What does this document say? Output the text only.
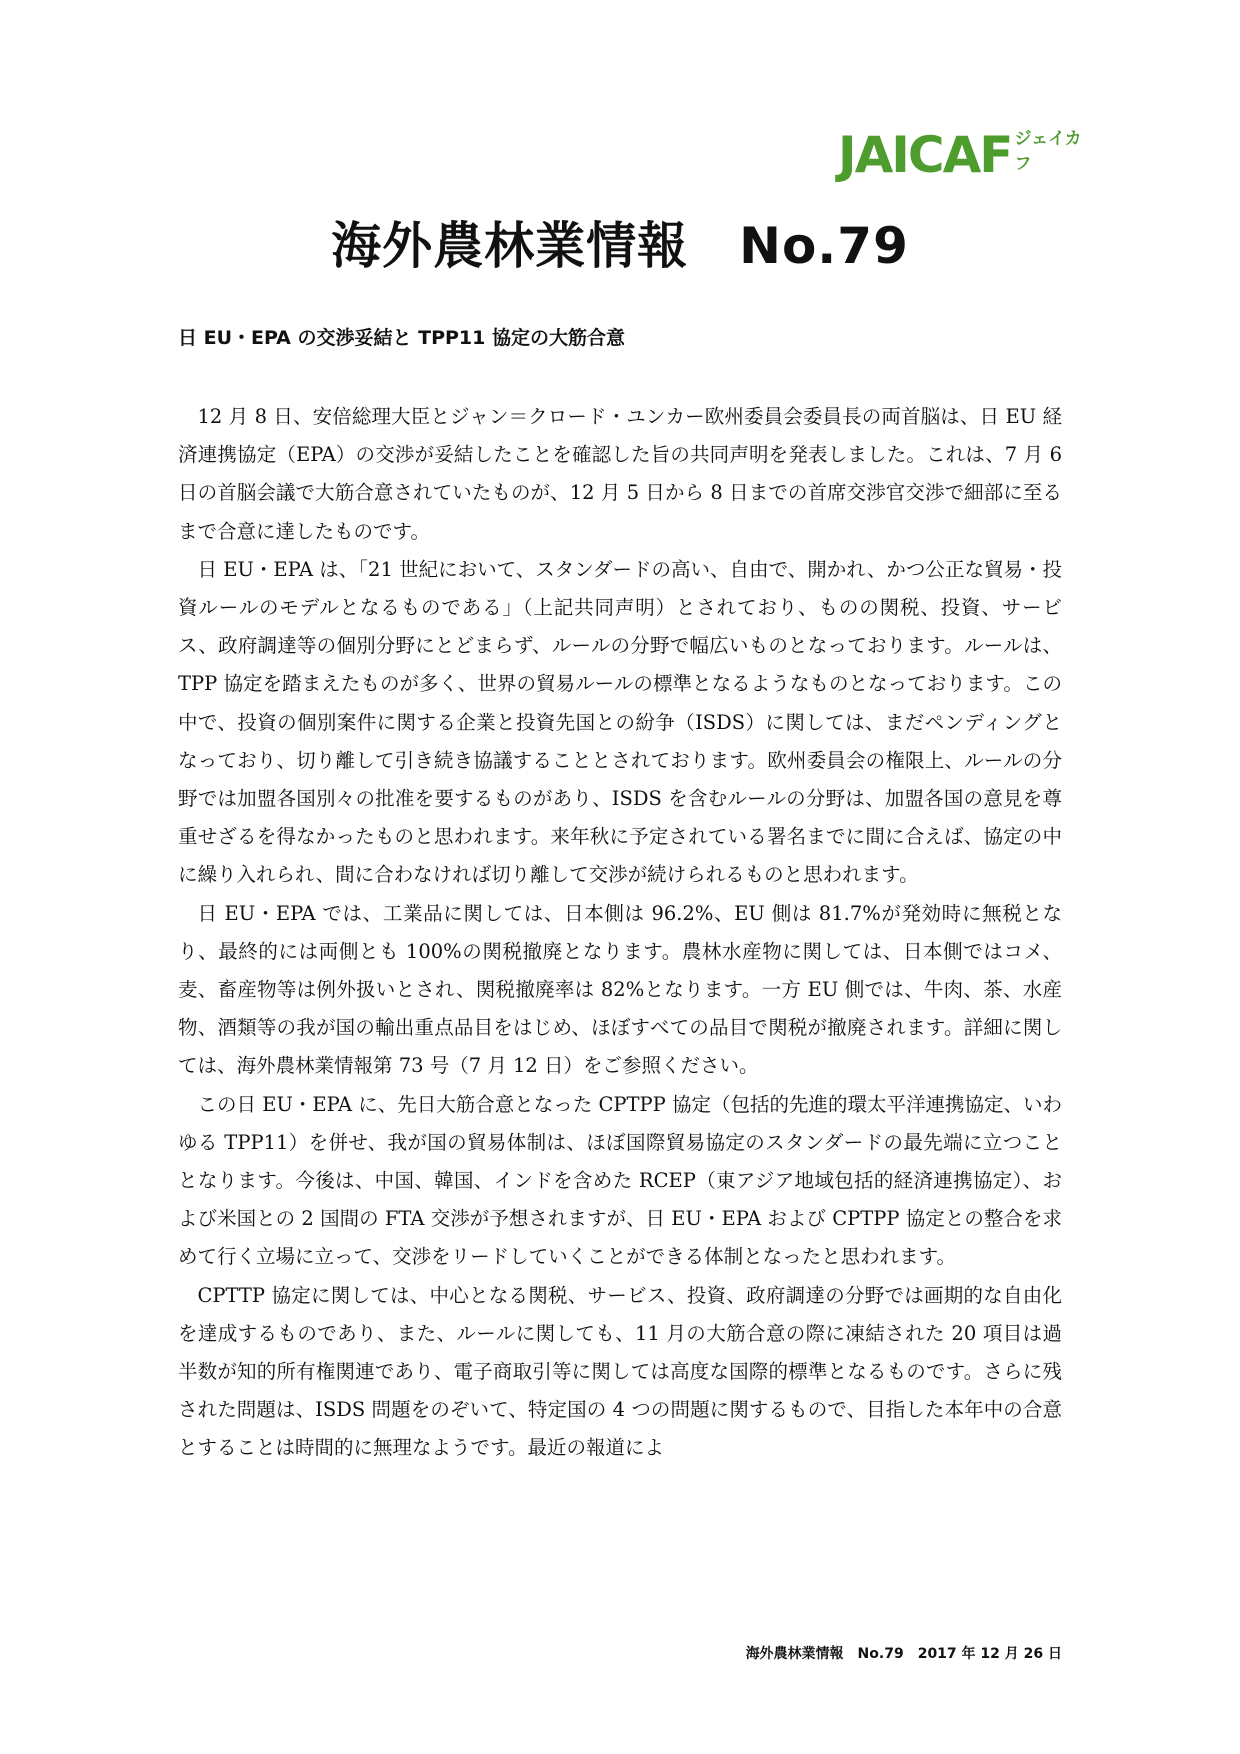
JAICAF ジェイカフ
海外農林業情報　No.79
日 EU・EPA の交渉妥結と TPP11 協定の大筋合意

12 月 8 日、安倍総理大臣とジャン＝クロード・ユンカー欧州委員会委員長の両首脳は、日 EU 経済連携協定（EPA）の交渉が妥結したことを確認した旨の共同声明を発表しました。これは、7 月 6 日の首脳会議で大筋合意されていたものが、12 月 5 日から 8 日までの首席交渉官交渉で細部に至るまで合意に達したものです。

日 EU・EPA は、「21 世紀において、スタンダードの高い、自由で、開かれ、かつ公正な貿易・投資ルールのモデルとなるものである」（上記共同声明）とされており、ものの関税、投資、サービス、政府調達等の個別分野にとどまらず、ルールの分野で幅広いものとなっております。ルールは、TPP 協定を踏まえたものが多く、世界の貿易ルールの標準となるようなものとなっております。この中で、投資の個別案件に関する企業と投資先国との紛争（ISDS）に関しては、まだペンディングとなっており、切り離して引き続き協議することとされております。欧州委員会の権限上、ルールの分野では加盟各国別々の批准を要するものがあり、ISDS を含むルールの分野は、加盟各国の意見を尊重せざるを得なかったものと思われます。来年秋に予定されている署名までに間に合えば、協定の中に繰り入れられ、間に合わなければ切り離して交渉が続けられるものと思われます。

日 EU・EPA では、工業品に関しては、日本側は 96.2%、EU 側は 81.7%が発効時に無税となり、最終的には両側とも 100%の関税撤廃となります。農林水産物に関しては、日本側ではコメ、麦、畜産物等は例外扱いとされ、関税撤廃率は 82%となります。一方 EU 側では、牛肉、茶、水産物、酒類等の我が国の輸出重点品目をはじめ、ほぼすべての品目で関税が撤廃されます。詳細に関しては、海外農林業情報第 73 号（7 月 12 日）をご参照ください。

この日 EU・EPA に、先日大筋合意となった CPTPP 協定（包括的先進的環太平洋連携協定、いわゆる TPP11）を併せ、我が国の貿易体制は、ほぼ国際貿易協定のスタンダードの最先端に立つこととなります。今後は、中国、韓国、インドを含めた RCEP（東アジア地域包括的経済連携協定）、および米国との 2 国間の FTA 交渉が予想されますが、日 EU・EPA および CPTPP 協定との整合を求めて行く立場に立って、交渉をリードしていくことができる体制となったと思われます。

CPTTP 協定に関しては、中心となる関税、サービス、投資、政府調達の分野では画期的な自由化を達成するものであり、また、ルールに関しても、11 月の大筋合意の際に凍結された 20 項目は過半数が知的所有権関連であり、電子商取引等に関しては高度な国際的標準となるものです。さらに残された問題は、ISDS 問題をのぞいて、特定国の 4 つの問題に関するもので、目指した本年中の合意とすることは時間的に無理なようです。最近の報道によ

海外農林業情報　No.79　2017 年 12 月 26 日
